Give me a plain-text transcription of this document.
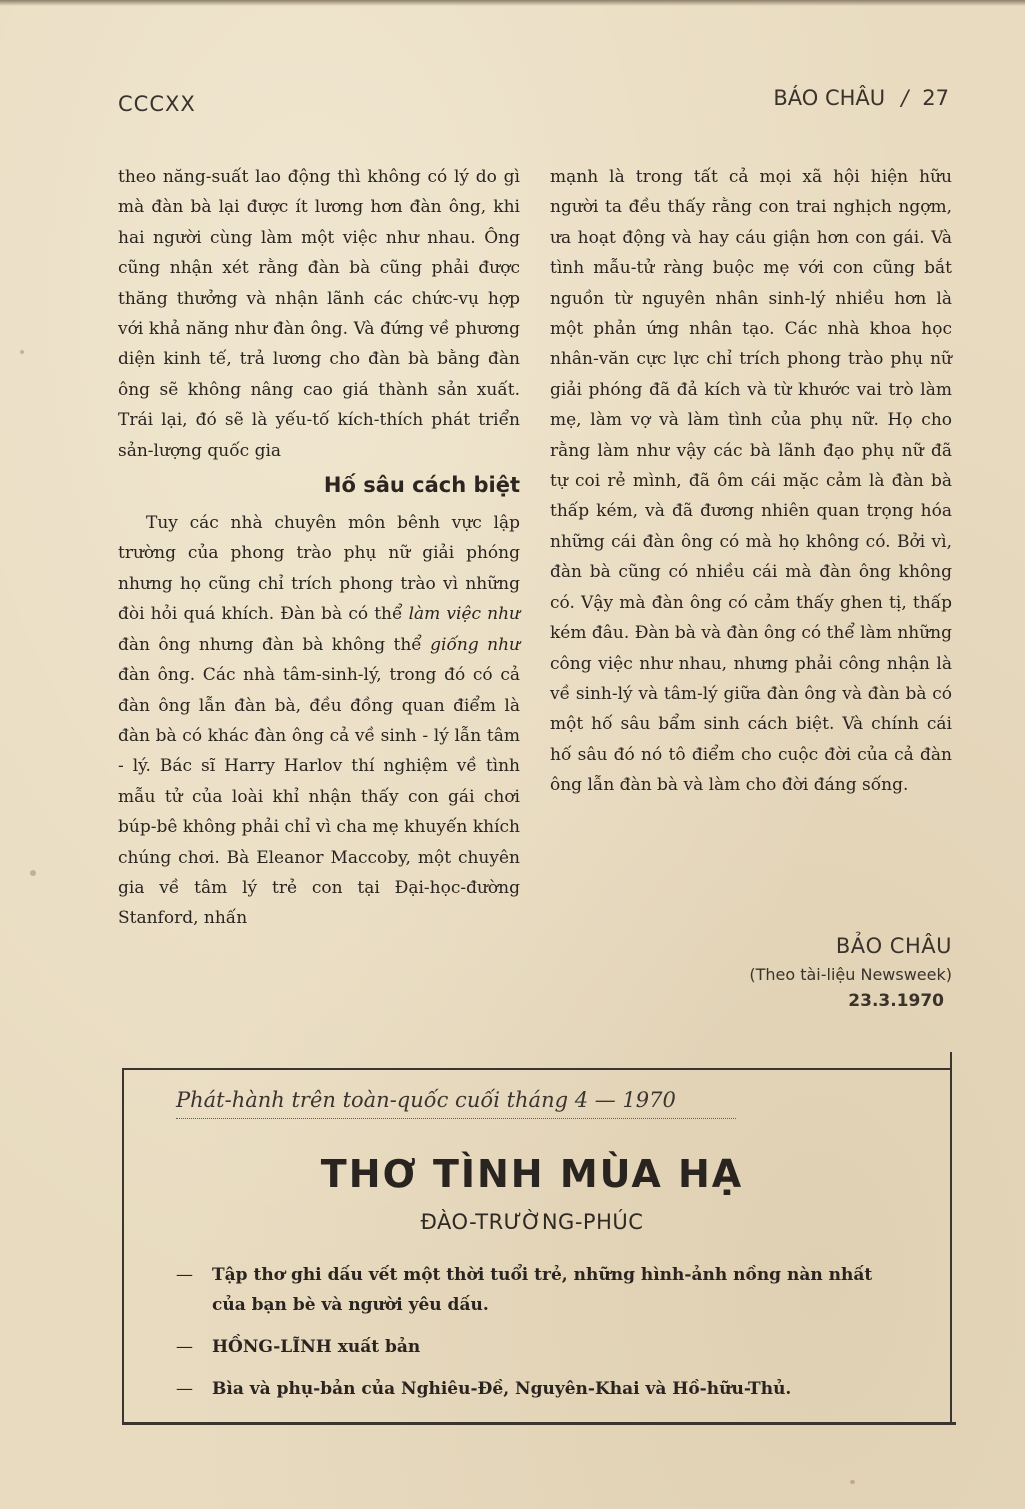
CCCXX	BÁO CHÂU / 27

theo năng-suất lao động thì không có lý do gì mà đàn bà lại được ít lương hơn đàn ông, khi hai người cùng làm một việc như nhau. Ông cũng nhận xét rằng đàn bà cũng phải được thăng thưởng và nhận lãnh các chức-vụ hợp với khả năng như đàn ông. Và đứng về phương diện kinh tế, trả lương cho đàn bà bằng đàn ông sẽ không nâng cao giá thành sản xuất. Trái lại, đó sẽ là yếu-tố kích-thích phát triển sản-lượng quốc gia

Hố sâu cách biệt

Tuy các nhà chuyên môn bênh vực lập trường của phong trào phụ nữ giải phóng nhưng họ cũng chỉ trích phong trào vì những đòi hỏi quá khích. Đàn bà có thể làm việc như đàn ông nhưng đàn bà không thể giống như đàn ông. Các nhà tâm-sinh-lý, trong đó có cả đàn ông lẫn đàn bà, đều đồng quan điểm là đàn bà có khác đàn ông cả về sinh - lý lẫn tâm - lý. Bác sĩ Harry Harlov thí nghiệm về tình mẫu tử của loài khỉ nhận thấy con gái chơi búp-bê không phải chỉ vì cha mẹ khuyến khích chúng chơi. Bà Eleanor Maccoby, một chuyên gia về tâm lý trẻ con tại Đại-học-đường Stanford, nhấn

mạnh là trong tất cả mọi xã hội hiện hữu người ta đều thấy rằng con trai nghịch ngợm, ưa hoạt động và hay cáu giận hơn con gái. Và tình mẫu-tử ràng buộc mẹ với con cũng bắt nguồn từ nguyên nhân sinh-lý nhiều hơn là một phản ứng nhân tạo. Các nhà khoa học nhân-văn cực lực chỉ trích phong trào phụ nữ giải phóng đã đả kích và từ khước vai trò làm mẹ, làm vợ và làm tình của phụ nữ. Họ cho rằng làm như vậy các bà lãnh đạo phụ nữ đã tự coi rẻ mình, đã ôm cái mặc cảm là đàn bà thấp kém, và đã đương nhiên quan trọng hóa những cái đàn ông có mà họ không có. Bởi vì, đàn bà cũng có nhiều cái mà đàn ông không có. Vậy mà đàn ông có cảm thấy ghen tị, thấp kém đâu. Đàn bà và đàn ông có thể làm những công việc như nhau, nhưng phải công nhận là về sinh-lý và tâm-lý giữa đàn ông và đàn bà có một hố sâu bẩm sinh cách biệt. Và chính cái hố sâu đó nó tô điểm cho cuộc đời của cả đàn ông lẫn đàn bà và làm cho đời đáng sống.

BẢO CHÂU
(Theo tài-liệu Newsweek)
23.3.1970
Phát-hành trên toàn-quốc cuối tháng 4 — 1970
THƠ TÌNH MÙA HẠ
ĐÀO-TRƯỜNG-PHÚC
— Tập thơ ghi dấu vết một thời tuổi trẻ, những hình-ảnh nồng nàn nhất của bạn bè và người yêu dấu.
— HỒNG-LĨNH xuất bản
— Bìa và phụ-bản của Nghiêu-Đề, Nguyên-Khai và Hồ-hữu-Thủ.
